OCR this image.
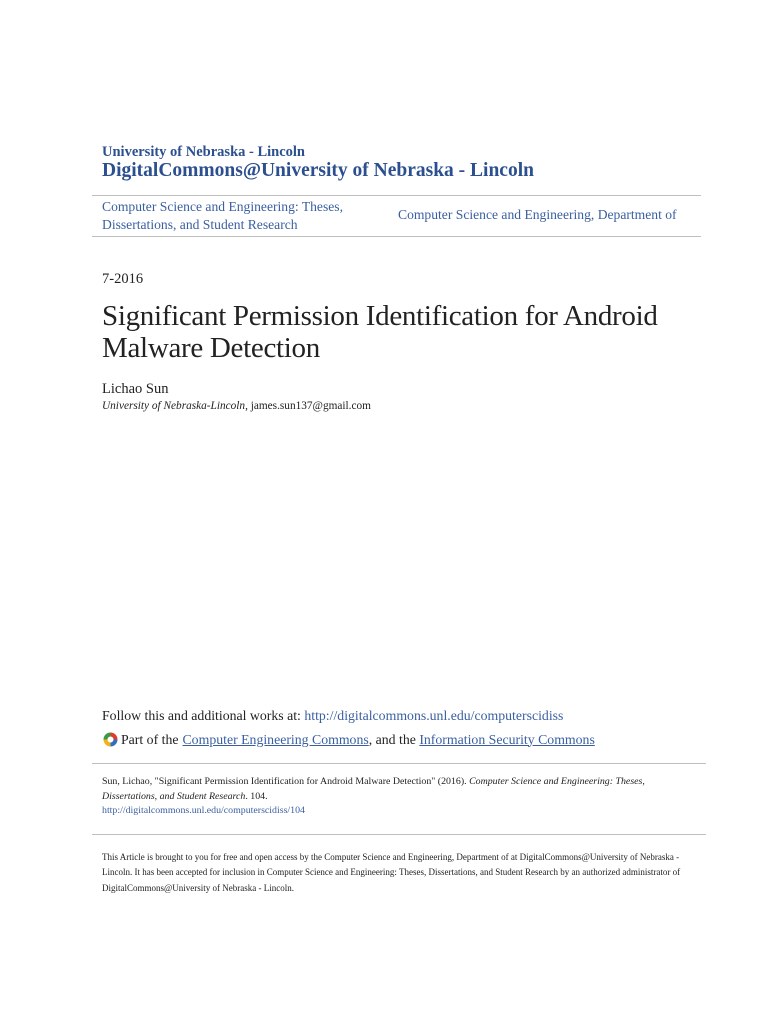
University of Nebraska - Lincoln
DigitalCommons@University of Nebraska - Lincoln
Computer Science and Engineering: Theses, Dissertations, and Student Research
Computer Science and Engineering, Department of
7-2016
Significant Permission Identification for Android Malware Detection
Lichao Sun
University of Nebraska-Lincoln, james.sun137@gmail.com
Follow this and additional works at: http://digitalcommons.unl.edu/computerscidiss
Part of the Computer Engineering Commons , and the Information Security Commons
Sun, Lichao, "Significant Permission Identification for Android Malware Detection" (2016). Computer Science and Engineering: Theses, Dissertations, and Student Research. 104.
http://digitalcommons.unl.edu/computerscidiss/104
This Article is brought to you for free and open access by the Computer Science and Engineering, Department of at DigitalCommons@University of Nebraska - Lincoln. It has been accepted for inclusion in Computer Science and Engineering: Theses, Dissertations, and Student Research by an authorized administrator of DigitalCommons@University of Nebraska - Lincoln.
